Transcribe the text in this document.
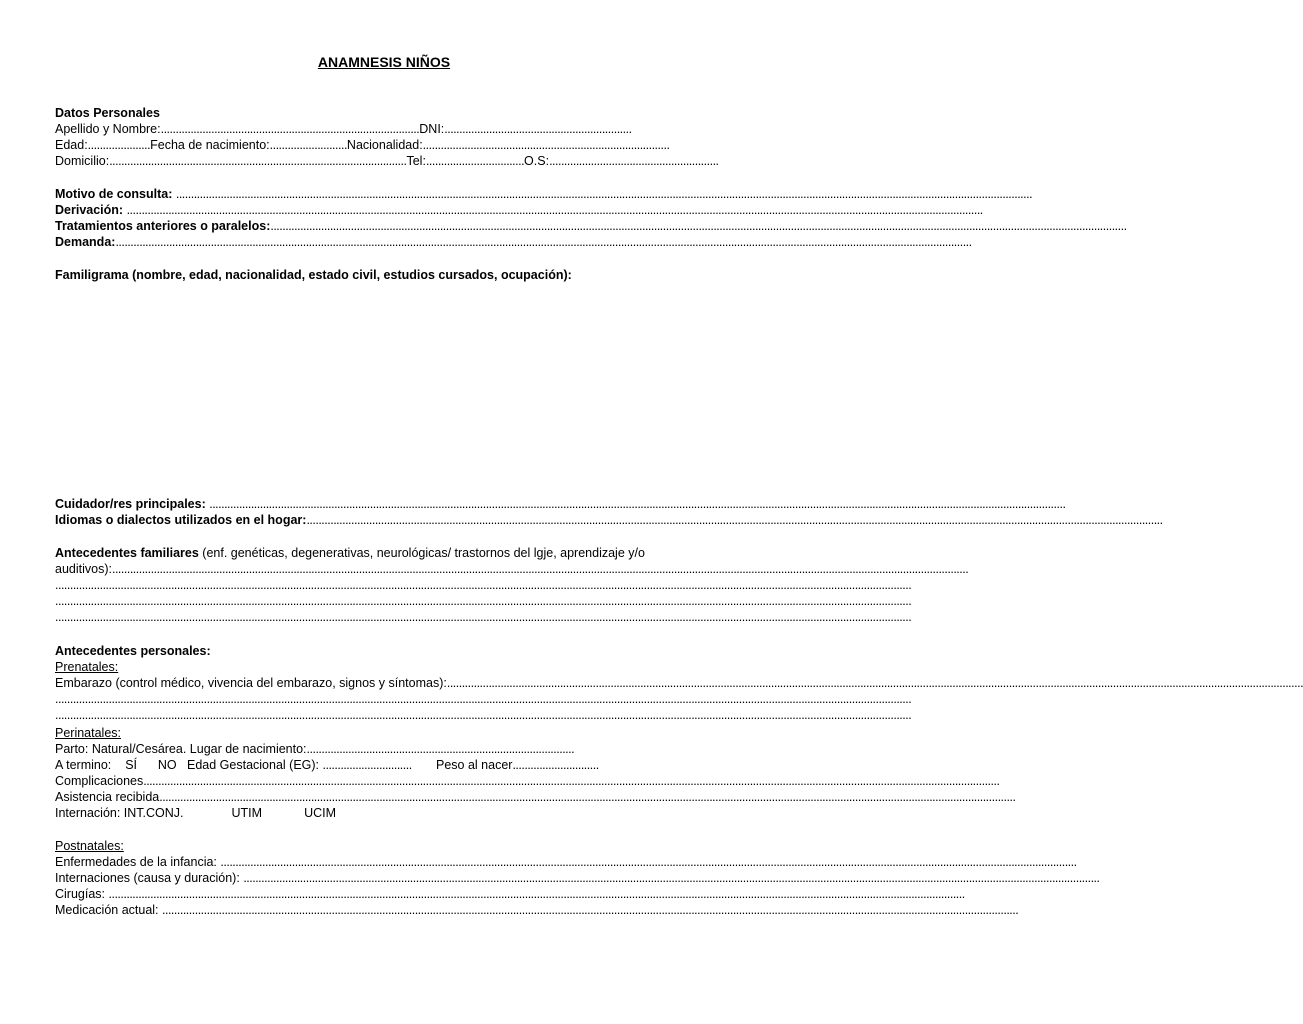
ANAMNESIS NIÑOS
Datos Personales
Apellido y Nombre:.......................................................................................DNI:...............................................................
Edad:.....................Fecha de nacimiento:..........................Nacionalidad:...................................................................................
Domicilio:....................................................................................................Tel:.................................O.S:.........................................................
Motivo de consulta: ................................................................................................................................................................................................................................................................................................
Derivación: ................................................................................................................................................................................................................................................................................................
Tratamientos anteriores o paralelos:................................................................................................................................................................................................................................................................................................
Demanda:................................................................................................................................................................................................................................................................................................
Familigrama (nombre, edad, nacionalidad, estado civil, estudios cursados, ocupación):
Cuidador/res principales: ................................................................................................................................................................................................................................................................................................
Idiomas o dialectos utilizados en el hogar:................................................................................................................................................................................................................................................................................................
Antecedentes familiares (enf. genéticas, degenerativas, neurológicas/ trastornos del lgje, aprendizaje y/o
auditivos):................................................................................................................................................................................................................................................................................................
................................................................................................................................................................................................................................................................................................
................................................................................................................................................................................................................................................................................................
................................................................................................................................................................................................................................................................................................
Antecedentes personales:
Prenatales:
Embarazo (control médico, vivencia del embarazo, signos y síntomas):................................................................................................................................................................................................................................................................................................
................................................................................................................................................................................................................................................................................................
................................................................................................................................................................................................................................................................................................
Perinatales:
Parto: Natural/Cesárea. Lugar de nacimiento:..........................................................................................
A termino: SÍ NO Edad Gestacional (EG): .............................. Peso al nacer.............................
Complicaciones................................................................................................................................................................................................................................................................................................
Asistencia recibida................................................................................................................................................................................................................................................................................................
Internación: INT.CONJ.	UTIM	UCIM
Postnatales:
Enfermedades de la infancia: ................................................................................................................................................................................................................................................................................................
Internaciones (causa y duración): ................................................................................................................................................................................................................................................................................................
Cirugías: ................................................................................................................................................................................................................................................................................................
Medicación actual: ................................................................................................................................................................................................................................................................................................
